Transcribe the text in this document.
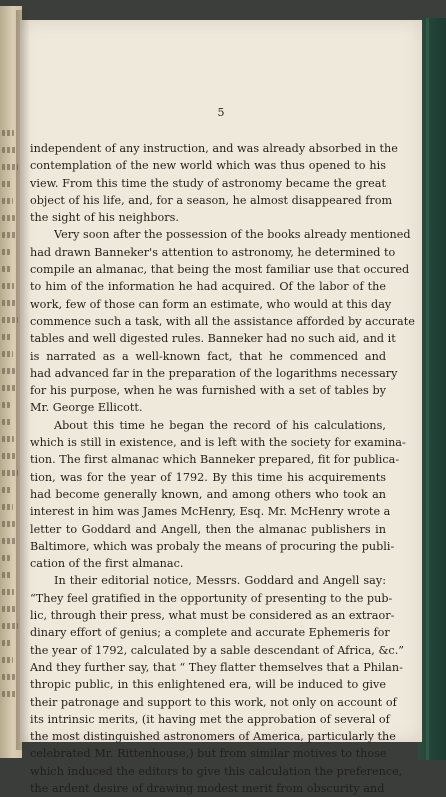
5
independent of any instruction, and was already absorbed in the
contemplation of the new world which was thus opened to his
view. From this time the study of astronomy became the great
object of his life, and, for a season, he almost disappeared from
the sight of his neighbors.
Very soon after the possession of the books already mentioned
had drawn Banneker's attention to astronomy, he determined to
compile an almanac, that being the most familiar use that occured
to him of the information he had acquired. Of the labor of the
work, few of those can form an estimate, who would at this day
commence such a task, with all the assistance afforded by accurate
tables and well digested rules. Banneker had no such aid, and it
is narrated as a well-known fact, that he commenced and
had advanced far in the preparation of the logarithms necessary
for his purpose, when he was furnished with a set of tables by
Mr. George Ellicott.
About this time he began the record of his calculations,
which is still in existence, and is left with the society for examina-
tion. The first almanac which Banneker prepared, fit for publica-
tion, was for the year of 1792. By this time his acquirements
had become generally known, and among others who took an
interest in him was James McHenry, Esq. Mr. McHenry wrote a
letter to Goddard and Angell, then the almanac publishers in
Baltimore, which was probaly the means of procuring the publi-
cation of the first almanac.
In their editorial notice, Messrs. Goddard and Angell say:
“They feel gratified in the opportunity of presenting to the pub-
lic, through their press, what must be considered as an extraor-
dinary effort of genius; a complete and accurate Ephemeris for
the year of 1792, calculated by a sable descendant of Africa, &c.”
And they further say, that “ They flatter themselves that a Philan-
thropic public, in this enlightened era, will be induced to give
their patronage and support to this work, not only on account of
its intrinsic merits, (it having met the approbation of several of
the most distinguished astronomers of America, particularly the
celebrated Mr. Rittenhouse,) but from similar motives to those
which induced the editors to give this calculation the preference,
the ardent desire of drawing modest merit from obscurity and
